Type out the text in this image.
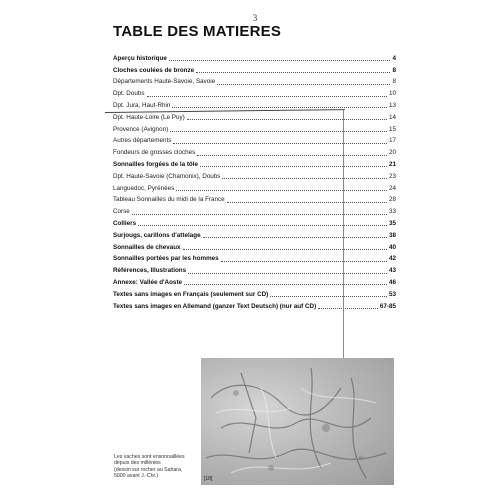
3
TABLE DES MATIERES
Aperçu historique	4
Cloches coulées de bronze	8
Départements Haute-Savoie, Savoie	8
Dpt. Doubs	10
Dpt. Jura, Haut-Rhin	13
Dpt. Haute-Loire (Le Puy)	14
Provence (Avignon)	15
Autres départements	17
Fondeurs de grosses cloches	20
Sonnailles forgées de la tôle	21
Dpt. Haute-Savoie (Chamonix), Doubs	23
Languedoc, Pyrénées	24
Tableau Sonnailles du midi de la France	28
Corse	33
Colliers	35
Surjougs, carillons d'attelage	38
Sonnailles de chevaux	40
Sonnailles portées par les hommes	42
Références, Illustrations	43
Annexe: Vallée d'Aoste	46
Textes sans images en Français (seulement sur CD)	53
Textes sans images en Allemand (ganzer Text Deutsch) (nur auf CD)	67-85
[18]
Les vaches sont ensonnaillées
depuis des millénies
(dessin sur rocher au Sahara,
5000 avant J.-Chr.)
